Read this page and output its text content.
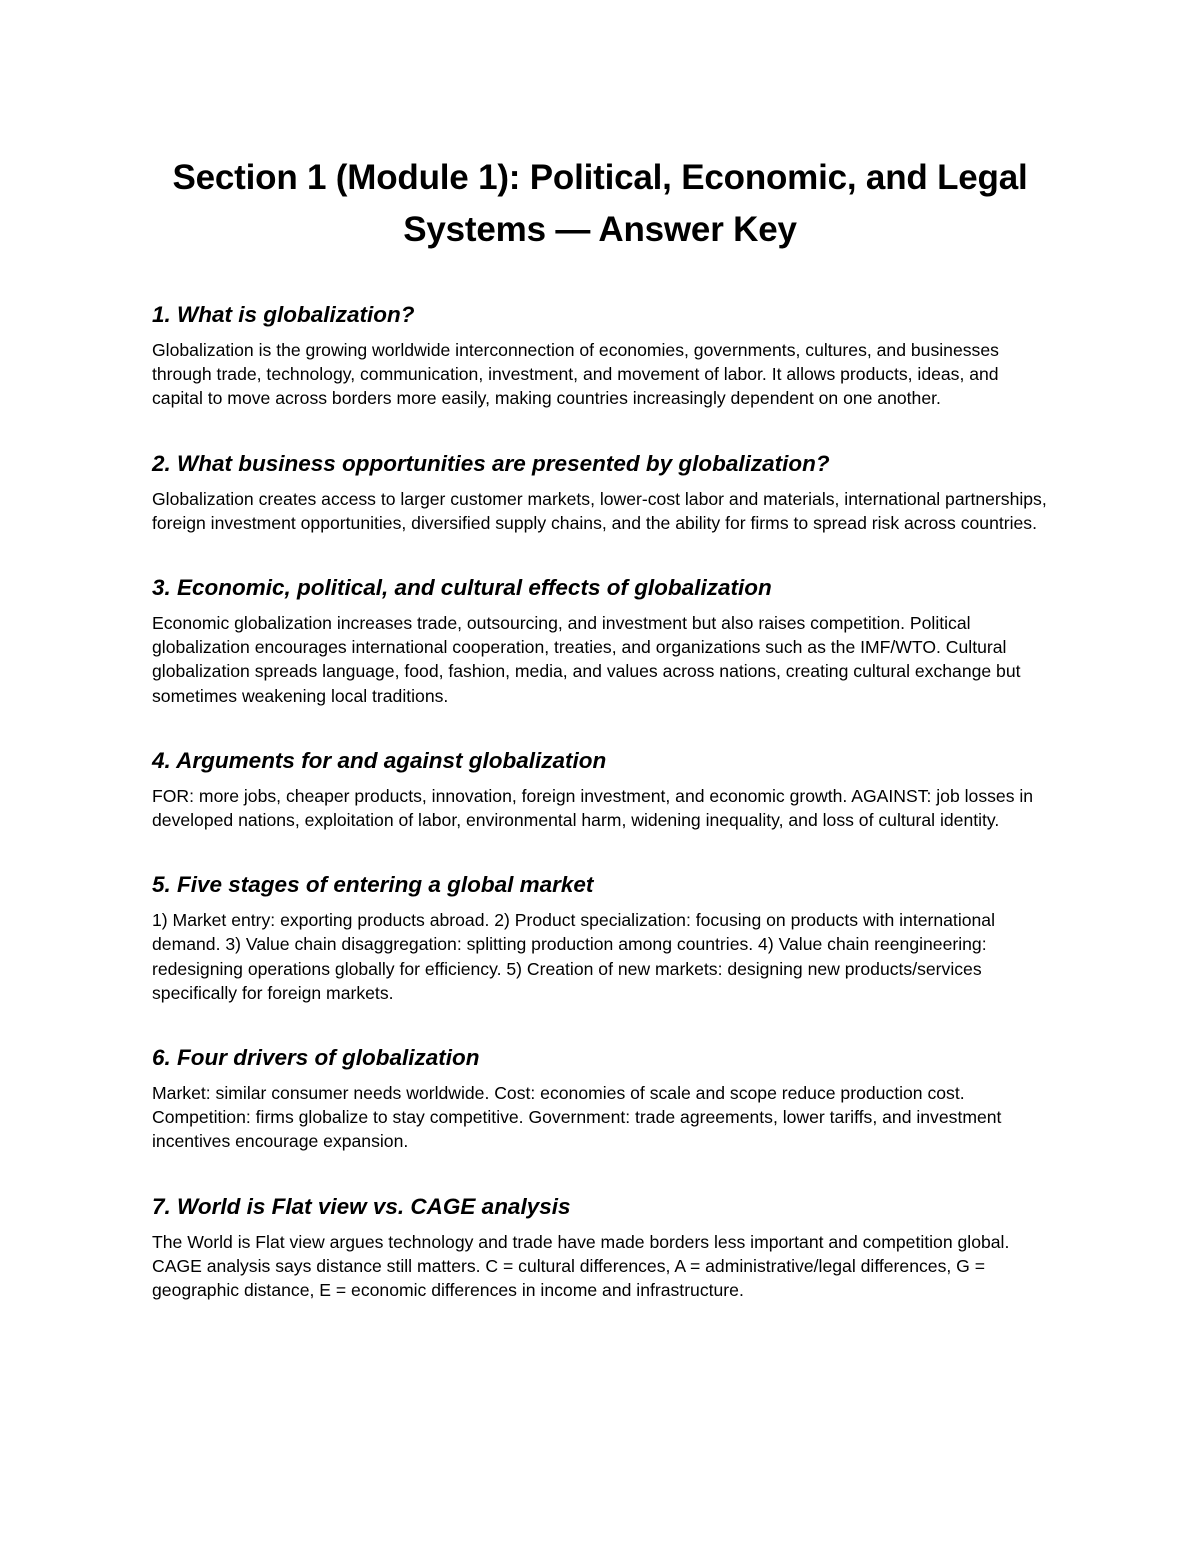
Section 1 (Module 1): Political, Economic, and Legal Systems — Answer Key
1. What is globalization?

Globalization is the growing worldwide interconnection of economies, governments, cultures, and businesses through trade, technology, communication, investment, and movement of labor. It allows products, ideas, and capital to move across borders more easily, making countries increasingly dependent on one another.

2. What business opportunities are presented by globalization?

Globalization creates access to larger customer markets, lower-cost labor and materials, international partnerships, foreign investment opportunities, diversified supply chains, and the ability for firms to spread risk across countries.

3. Economic, political, and cultural effects of globalization

Economic globalization increases trade, outsourcing, and investment but also raises competition. Political globalization encourages international cooperation, treaties, and organizations such as the IMF/WTO. Cultural globalization spreads language, food, fashion, media, and values across nations, creating cultural exchange but sometimes weakening local traditions.

4. Arguments for and against globalization

FOR: more jobs, cheaper products, innovation, foreign investment, and economic growth. AGAINST: job losses in developed nations, exploitation of labor, environmental harm, widening inequality, and loss of cultural identity.

5. Five stages of entering a global market

1) Market entry: exporting products abroad. 2) Product specialization: focusing on products with international demand. 3) Value chain disaggregation: splitting production among countries. 4) Value chain reengineering: redesigning operations globally for efficiency. 5) Creation of new markets: designing new products/services specifically for foreign markets.

6. Four drivers of globalization

Market: similar consumer needs worldwide. Cost: economies of scale and scope reduce production cost. Competition: firms globalize to stay competitive. Government: trade agreements, lower tariffs, and investment incentives encourage expansion.

7. World is Flat view vs. CAGE analysis

The World is Flat view argues technology and trade have made borders less important and competition global. CAGE analysis says distance still matters. C = cultural differences, A = administrative/legal differences, G = geographic distance, E = economic differences in income and infrastructure.
